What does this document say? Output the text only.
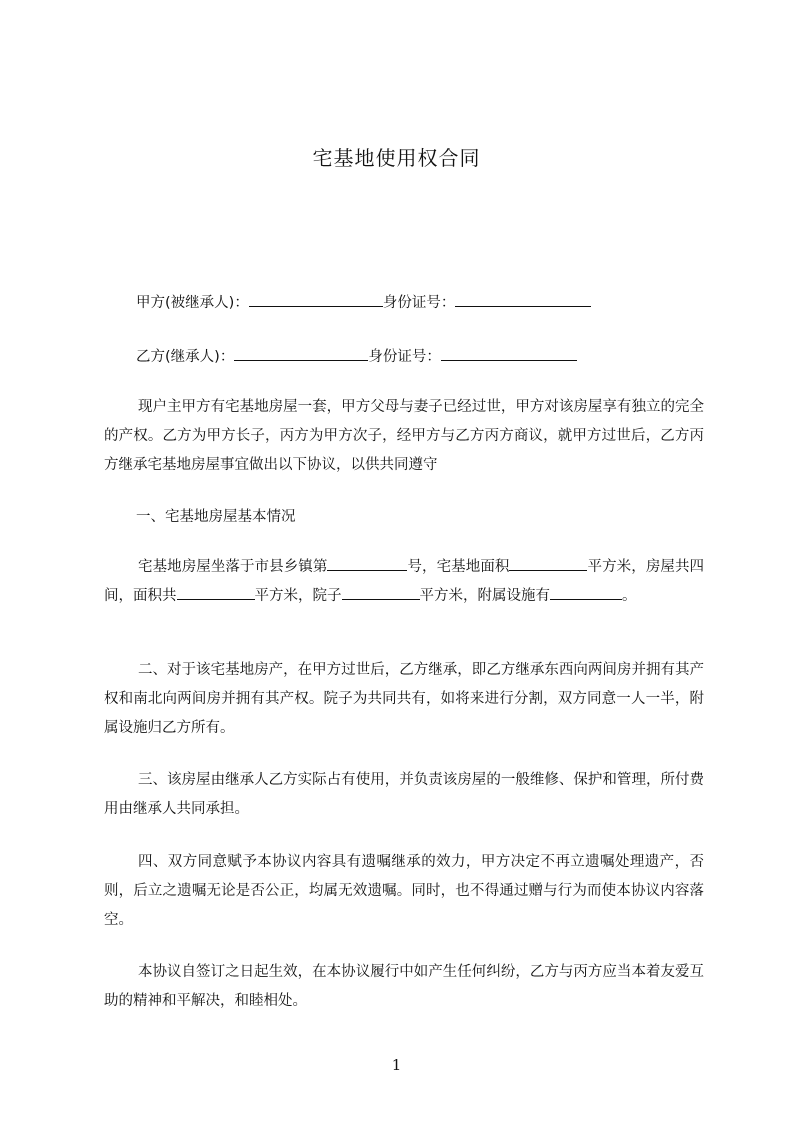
宅基地使用权合同
甲方(被继承人)：	身份证号：
乙方(继承人)：	身份证号：
现户主甲方有宅基地房屋一套，甲方父母与妻子已经过世，甲方对该房屋享有独立的完全的产权。乙方为甲方长子，丙方为甲方次子，经甲方与乙方丙方商议，就甲方过世后，乙方丙方继承宅基地房屋事宜做出以下协议，以供共同遵守
一、宅基地房屋基本情况
宅基地房屋坐落于市县乡镇第	号，宅基地面积	平方米，房屋共四间，面积共	平方米，院子	平方米，附属设施有	。
二、对于该宅基地房产，在甲方过世后，乙方继承，即乙方继承东西向两间房并拥有其产权和南北向两间房并拥有其产权。院子为共同共有，如将来进行分割，双方同意一人一半，附属设施归乙方所有。
三、该房屋由继承人乙方实际占有使用，并负责该房屋的一般维修、保护和管理，所付费用由继承人共同承担。
四、双方同意赋予本协议内容具有遗嘱继承的效力，甲方决定不再立遗嘱处理遗产，否则，后立之遗嘱无论是否公正，均属无效遗嘱。同时，也不得通过赠与行为而使本协议内容落空。
本协议自签订之日起生效，在本协议履行中如产生任何纠纷，乙方与丙方应当本着友爱互助的精神和平解决，和睦相处。
1
